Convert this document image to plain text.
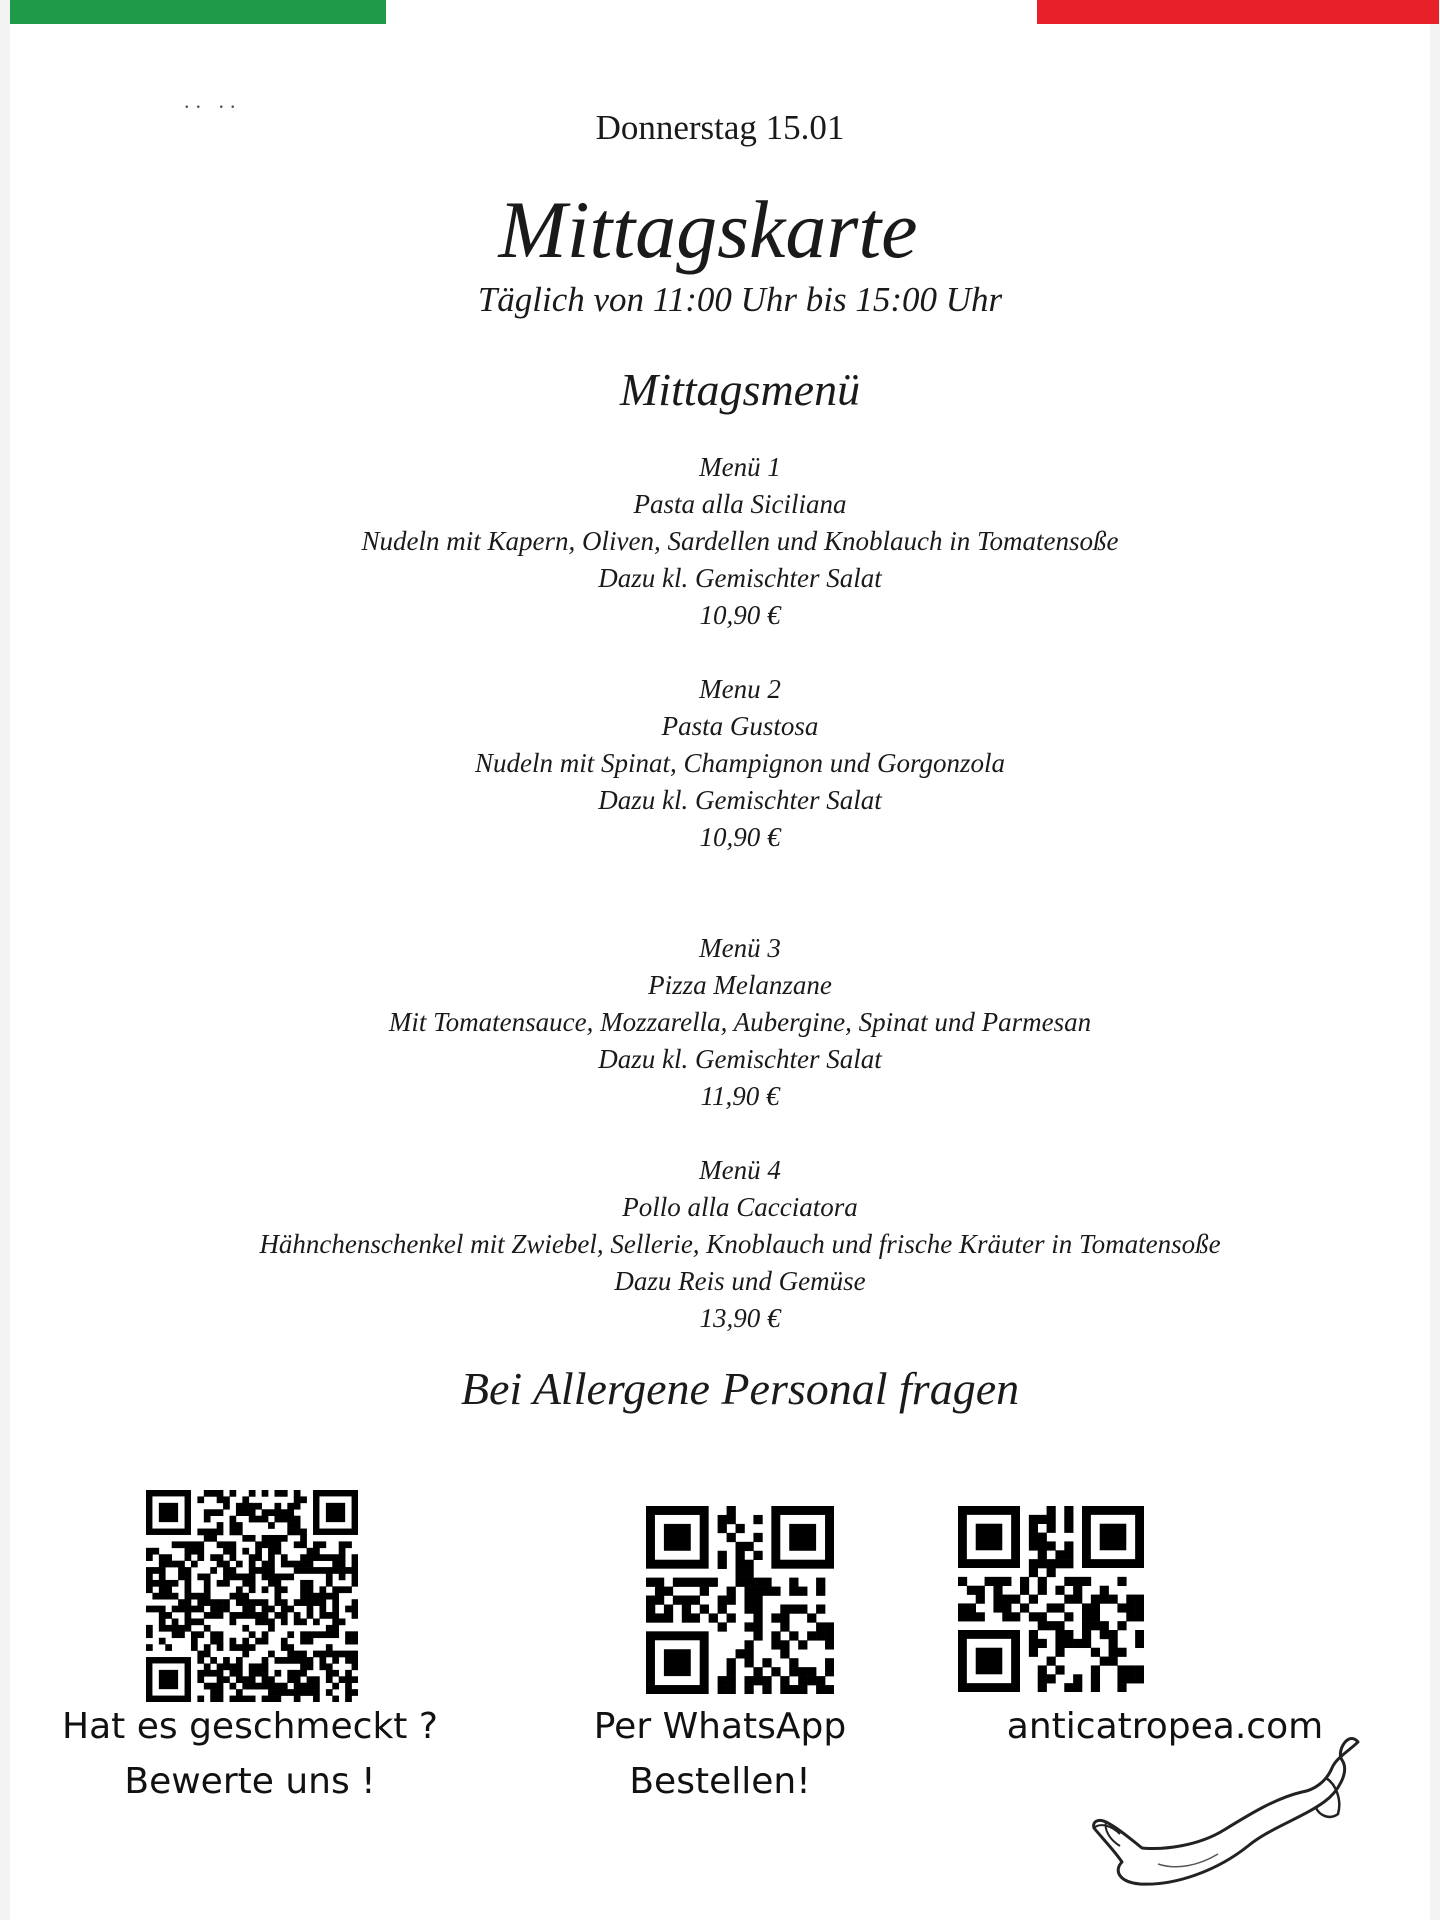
.. ..
Donnerstag 15.01
Mittagskarte
Täglich von 11:00 Uhr bis 15:00 Uhr
Mittagsmenü
Menü 1
Pasta alla Siciliana
Nudeln mit Kapern, Oliven, Sardellen und Knoblauch in Tomatensoße
Dazu kl. Gemischter Salat
10,90 €
Menu 2
Pasta Gustosa
Nudeln mit Spinat, Champignon und Gorgonzola
Dazu kl. Gemischter Salat
10,90 €
Menü 3
Pizza Melanzane
Mit Tomatensauce, Mozzarella, Aubergine, Spinat und Parmesan
Dazu kl. Gemischter Salat
11,90 €
Menü 4
Pollo alla Cacciatora
Hähnchenschenkel mit Zwiebel, Sellerie, Knoblauch und frische Kräuter in Tomatensoße
Dazu Reis und Gemüse
13,90 €
Bei Allergene Personal fragen
Hat es geschmeckt ?
Bewerte uns !
Per WhatsApp
Bestellen!
anticatropea.com
